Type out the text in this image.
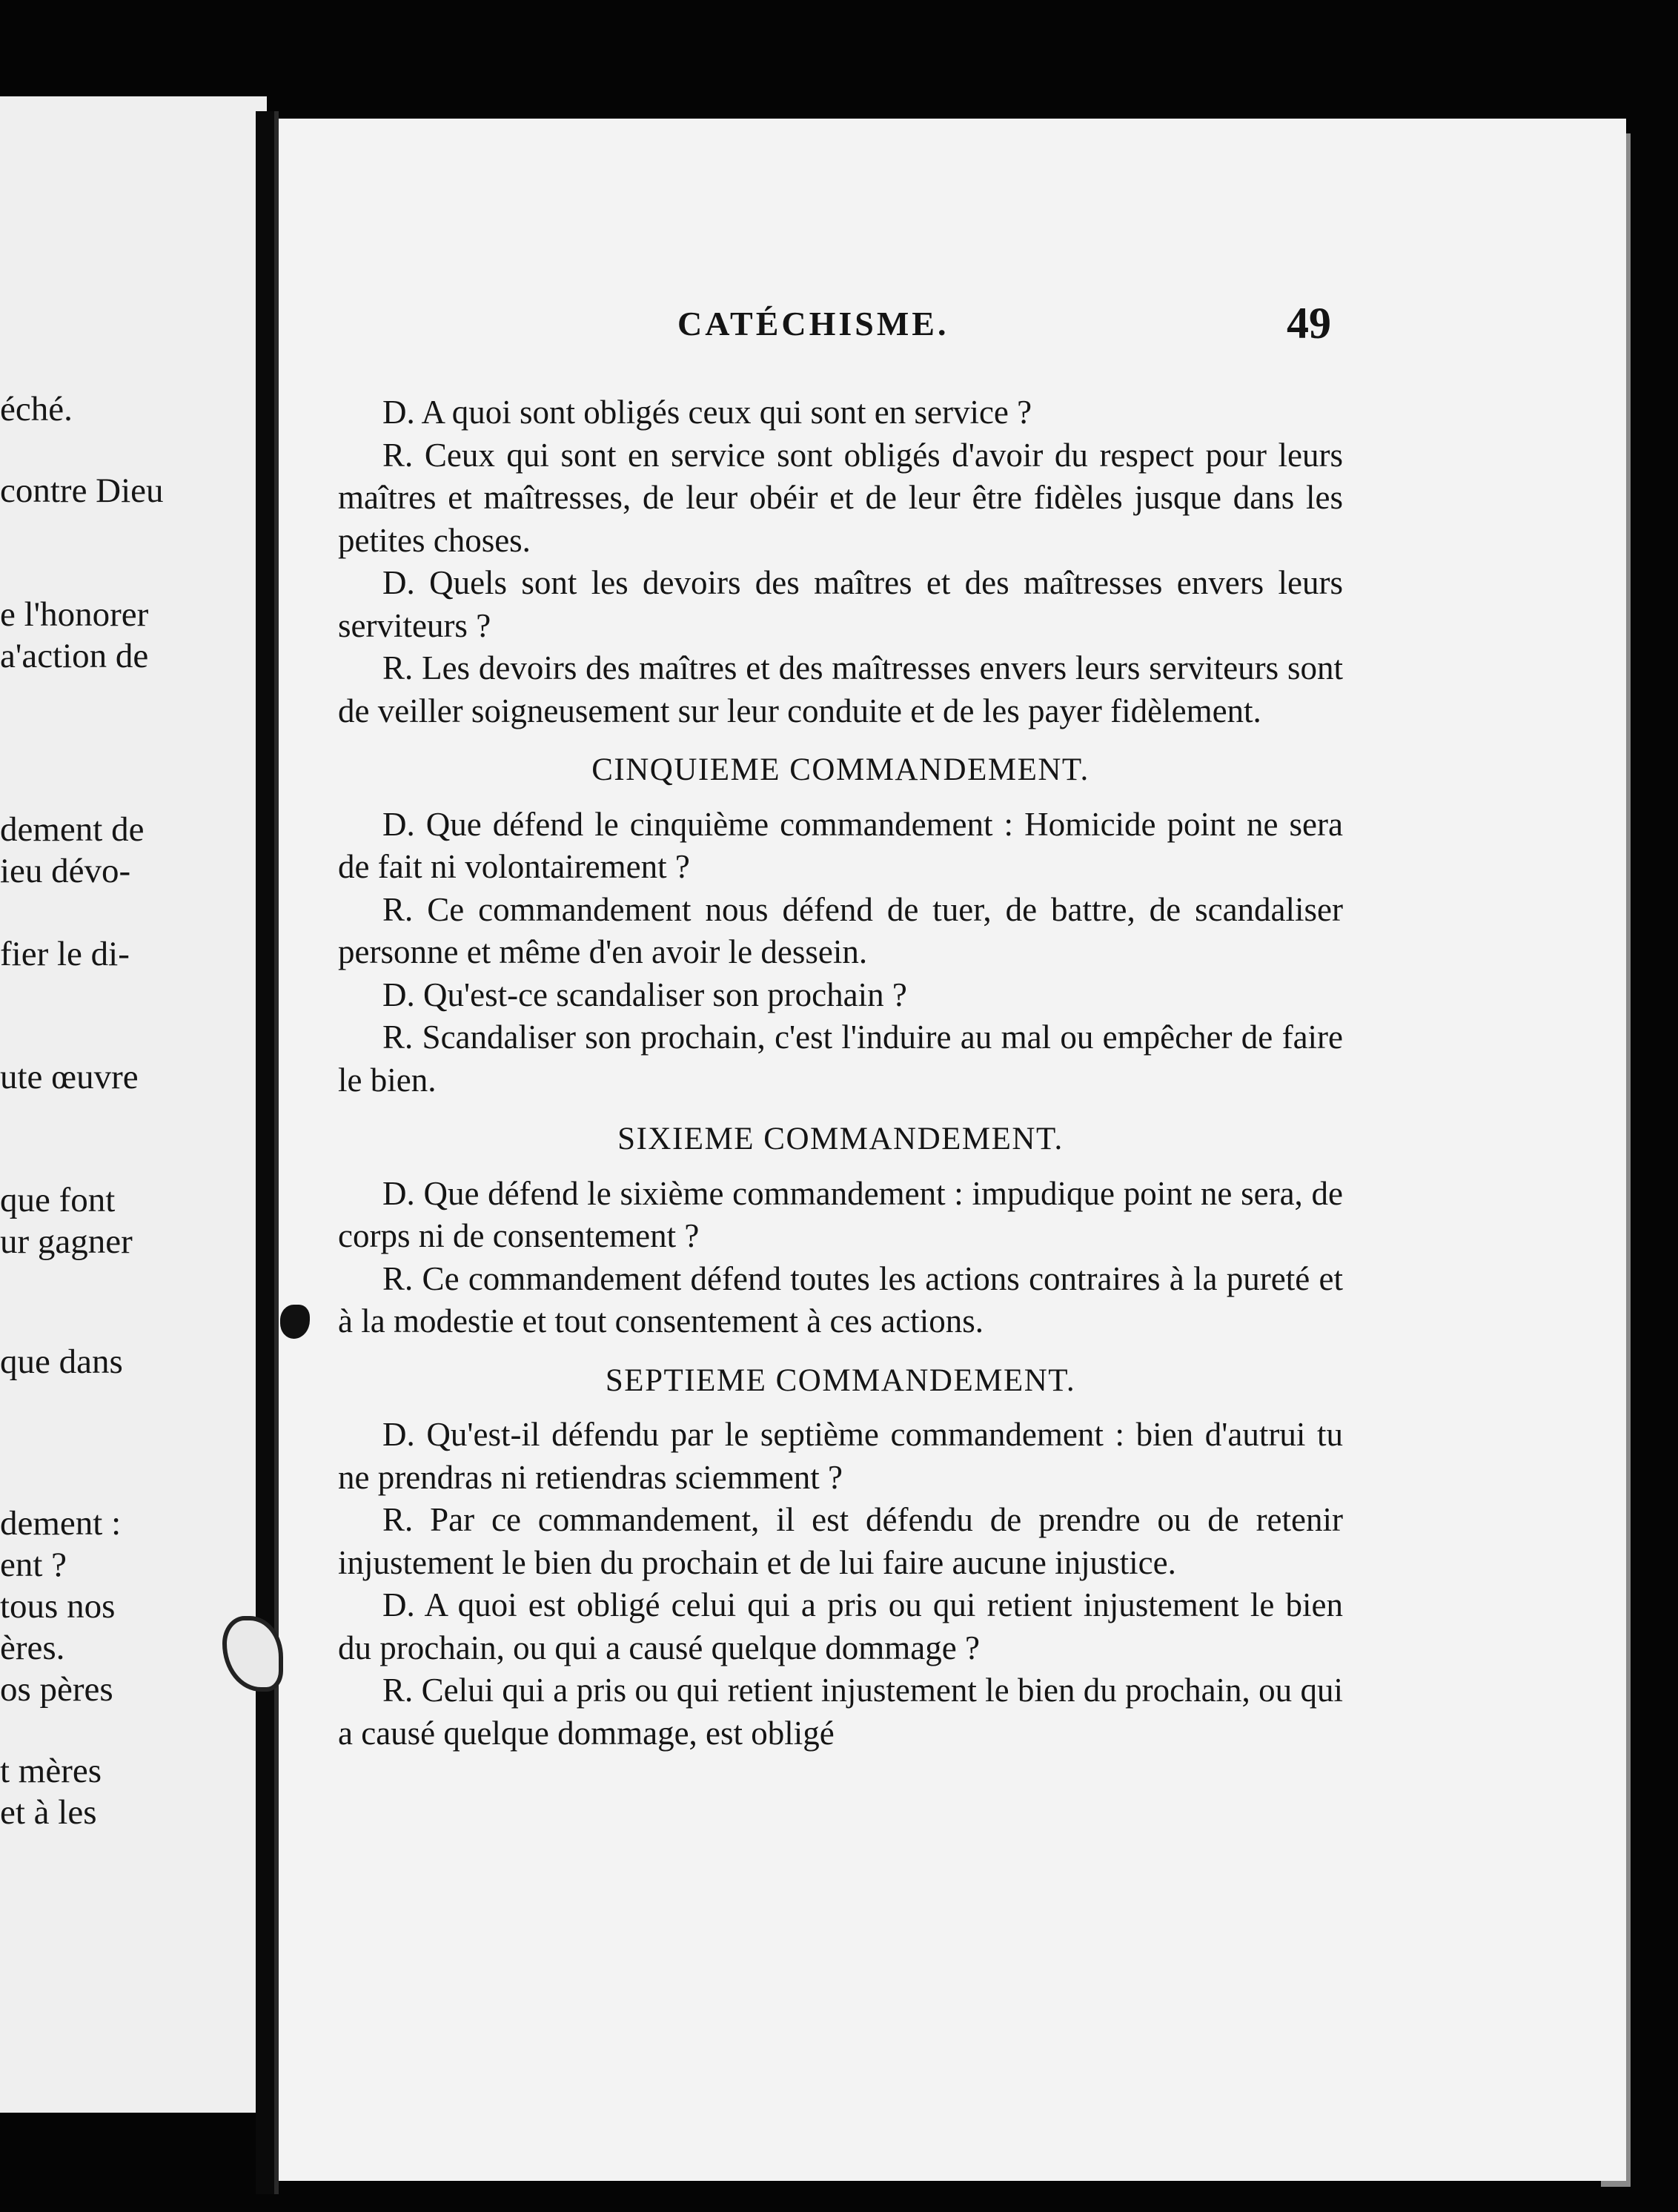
éché.
contre Dieu
e l'honorer
a'action de
dement de
ieu dévo-
fier le di-
ute œuvre
que font
ur gagner
que dans
dement :
ent ?
tous nos
ères.
os pères
t mères
et à les
CATÉCHISME.	49

D. A quoi sont obligés ceux qui sont en service ?

R. Ceux qui sont en service sont obligés d'avoir du respect pour leurs maîtres et maîtresses, de leur obéir et de leur être fidèles jusque dans les petites choses.

D. Quels sont les devoirs des maîtres et des maîtresses envers leurs serviteurs ?

R. Les devoirs des maîtres et des maîtresses envers leurs serviteurs sont de veiller soigneusement sur leur conduite et de les payer fidèlement.

CINQUIEME COMMANDEMENT.

D. Que défend le cinquième commandement : Homicide point ne sera de fait ni volontairement ?

R. Ce commandement nous défend de tuer, de battre, de scandaliser personne et même d'en avoir le dessein.

D. Qu'est-ce scandaliser son prochain ?

R. Scandaliser son prochain, c'est l'induire au mal ou empêcher de faire le bien.

SIXIEME COMMANDEMENT.

D. Que défend le sixième commandement : impudique point ne sera, de corps ni de consentement ?

R. Ce commandement défend toutes les actions contraires à la pureté et à la modestie et tout consentement à ces actions.

SEPTIEME COMMANDEMENT.

D. Qu'est-il défendu par le septième commandement : bien d'autrui tu ne prendras ni retiendras sciemment ?

R. Par ce commandement, il est défendu de prendre ou de retenir injustement le bien du prochain et de lui faire aucune injustice.

D. A quoi est obligé celui qui a pris ou qui retient injustement le bien du prochain, ou qui a causé quelque dommage ?

R. Celui qui a pris ou qui retient injustement le bien du prochain, ou qui a causé quelque dommage, est obligé
